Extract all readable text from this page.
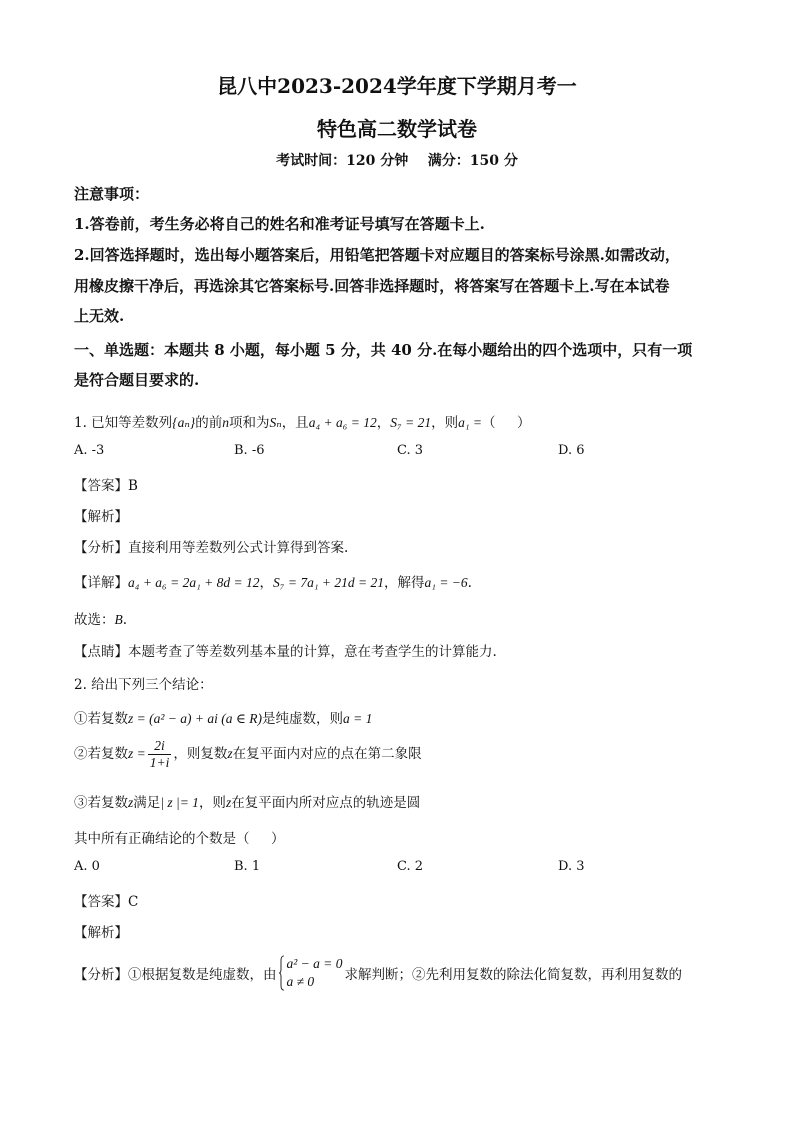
昆八中2023-2024学年度下学期月考一
特色高二数学试卷
考试时间：120 分钟    满分：150 分
注意事项：
1.答卷前，考生务必将自己的姓名和准考证号填写在答题卡上.
2.回答选择题时，选出每小题答案后，用铅笔把答题卡对应题目的答案标号涂黑.如需改动，
用橡皮擦干净后，再选涂其它答案标号.回答非选择题时，将答案写在答题卡上.写在本试卷
上无效.
一、单选题：本题共 8 小题，每小题 5 分，共 40 分.在每小题给出的四个选项中，只有一项
是符合题目要求的.
1. 已知等差数列{aₙ}的前n项和为Sₙ，且a₄ + a₆ = 12，S₇ = 21，则a₁ =（     ）
A. -3	B. -6	C. 3	D. 6
【答案】B
【解析】
【分析】直接利用等差数列公式计算得到答案.
【详解】a₄ + a₆ = 2a₁ + 8d = 12，S₇ = 7a₁ + 21d = 21，解得a₁ = −6.
故选：B.
【点睛】本题考查了等差数列基本量的计算，意在考查学生的计算能力.
2. 给出下列三个结论：
①若复数z = (a² − a) + ai (a ∈ R)是纯虚数，则a = 1
②若复数$z = \frac{2i}{1+i}$ ，则复数z在复平面内对应的点在第二象限
③若复数z满足| z |= 1，则z在复平面内所对应点的轨迹是圆
其中所有正确结论的个数是（     ）
A. 0	B. 1	C. 2	D. 3
【答案】C
【解析】
【分析】①根据复数是纯虚数，由
a² − a = 0
a ≠ 0	求解判断；②先利用复数的除法化简复数，再利用复数的
